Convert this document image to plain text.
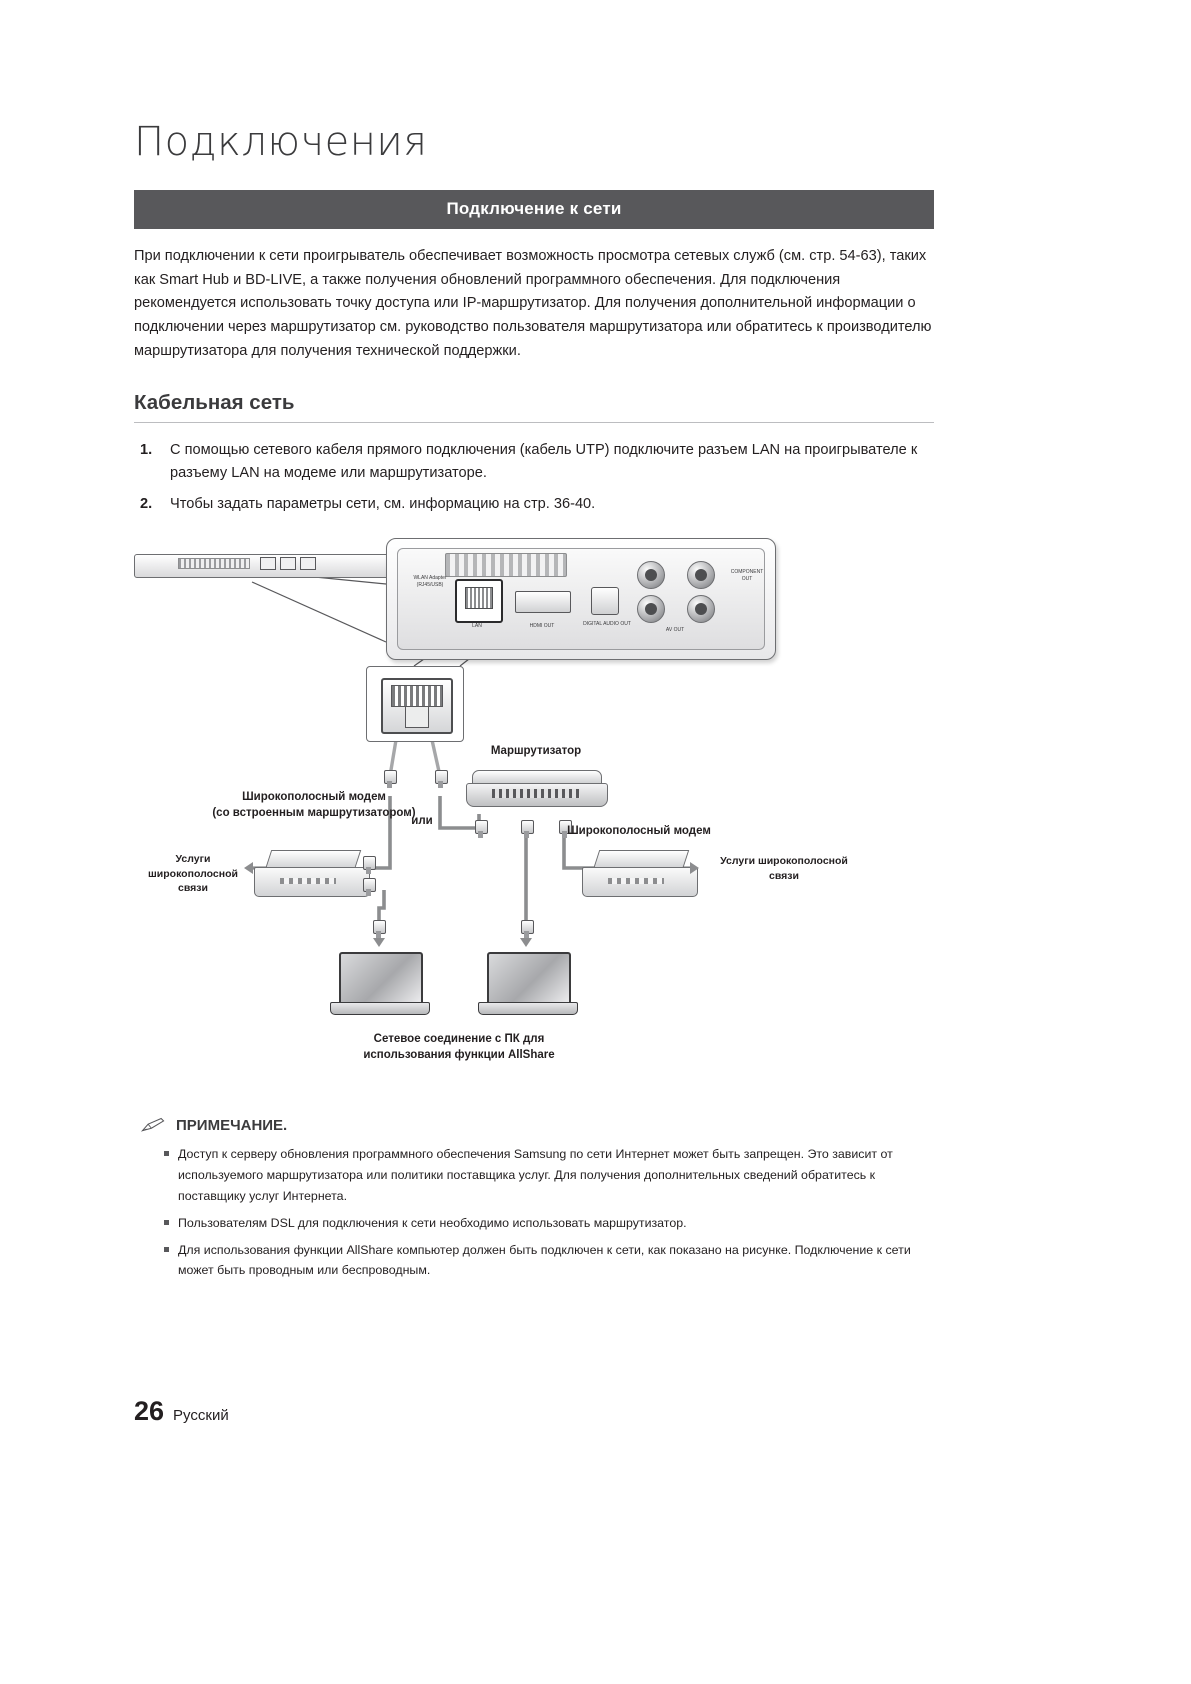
Подключения
Подключение к сети

При подключении к сети проигрыватель обеспечивает возможность просмотра сетевых служб (см. стр. 54-63), таких как Smart Hub и BD-LIVE, а также получения обновлений программного обеспечения. Для подключения рекомендуется использовать точку доступа или IP-маршрутизатор. Для получения дополнительной информации о подключении через маршрутизатор см. руководство пользователя маршрутизатора или обратитесь к производителю маршрутизатора для получения технической поддержки.

Кабельная сеть
1. С помощью сетевого кабеля прямого подключения (кабель UTP) подключите разъем LAN на проигрывателе к разъему LAN на модеме или маршрутизаторе.
2. Чтобы задать параметры сети, см. информацию на стр. 36-40.
WLAN Adapter (RJ45/USB)
LAN	HDMI OUT	DIGITAL AUDIO OUT
AV OUT
COMPONENT OUT
Маршрутизатор
или
Широкополосный модем
(со встроенным маршрутизатором)
Широкополосный модем
Услуги
широкополосной
связи
Услуги широкополосной
связи
Сетевое соединение с ПК для
использования функции AllShare
ПРИМЕЧАНИЕ.
Доступ к серверу обновления программного обеспечения Samsung по сети Интернет может быть запрещен. Это зависит от используемого маршрутизатора или политики поставщика услуг. Для получения дополнительных сведений обратитесь к поставщику услуг Интернета.
Пользователям DSL для подключения к сети необходимо использовать маршрутизатор.
Для использования функции AllShare компьютер должен быть подключен к сети, как показано на рисунке. Подключение к сети может быть проводным или беспроводным.
26 Русский
